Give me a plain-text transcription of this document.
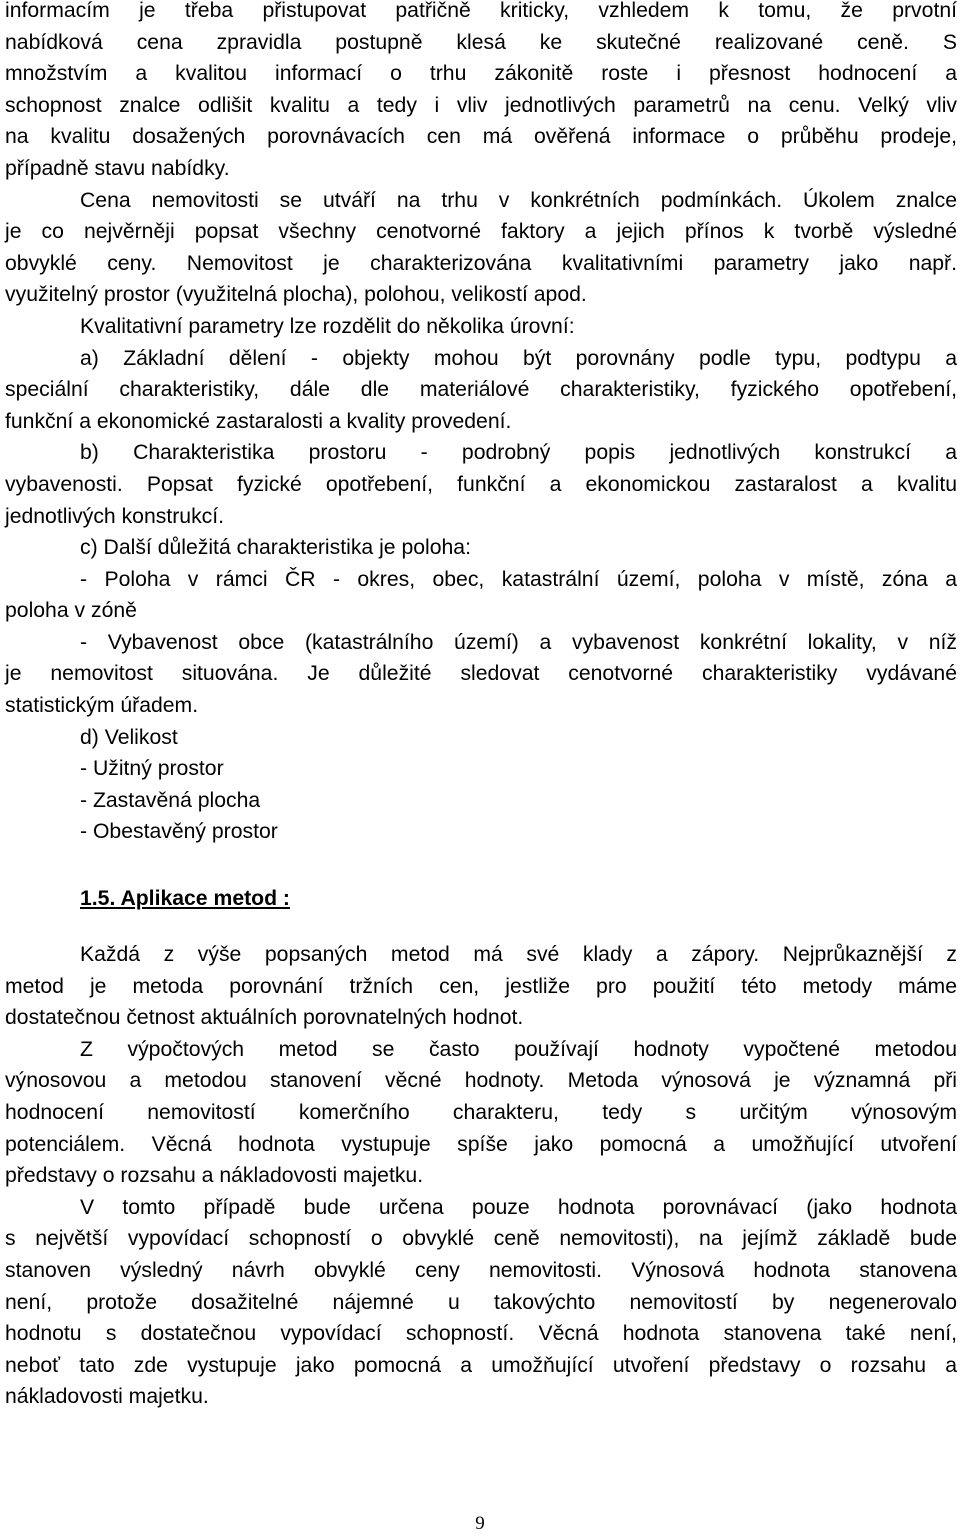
informacím je třeba přistupovat patřičně kriticky, vzhledem k tomu, že prvotní
nabídková cena zpravidla postupně klesá ke skutečné realizované ceně. S
množstvím a kvalitou informací o trhu zákonitě roste i přesnost hodnocení a
schopnost znalce odlišit kvalitu a tedy i vliv jednotlivých parametrů na cenu. Velký vliv
na kvalitu dosažených porovnávacích cen má ověřená informace o průběhu prodeje,
případně stavu nabídky.
Cena nemovitosti se utváří na trhu v konkrétních podmínkách. Úkolem znalce
je co nejvěrněji popsat všechny cenotvorné faktory a jejich přínos k tvorbě výsledné
obvyklé ceny. Nemovitost je charakterizována kvalitativními parametry jako např.
využitelný prostor (využitelná plocha), polohou, velikostí apod.
Kvalitativní parametry lze rozdělit do několika úrovní:
a) Základní dělení - objekty mohou být porovnány podle typu, podtypu a
speciální charakteristiky, dále dle materiálové charakteristiky, fyzického opotřebení,
funkční a ekonomické zastaralosti a kvality provedení.
b) Charakteristika prostoru - podrobný popis jednotlivých konstrukcí a
vybavenosti. Popsat fyzické opotřebení, funkční a ekonomickou zastaralost a kvalitu
jednotlivých konstrukcí.
c) Další důležitá charakteristika je poloha:
- Poloha v rámci ČR - okres, obec, katastrální území, poloha v místě, zóna a
poloha v zóně
- Vybavenost obce (katastrálního území) a vybavenost konkrétní lokality, v níž
je nemovitost situována. Je důležité sledovat cenotvorné charakteristiky vydávané
statistickým úřadem.
d) Velikost
- Užitný prostor
- Zastavěná plocha
- Obestavěný prostor
1.5. Aplikace metod :
Každá z výše popsaných metod má své klady a zápory. Nejprůkaznější z
metod je metoda porovnání tržních cen, jestliže pro použití této metody máme
dostatečnou četnost aktuálních porovnatelných hodnot.
Z výpočtových metod se často používají hodnoty vypočtené metodou
výnosovou a metodou stanovení věcné hodnoty. Metoda výnosová je významná při
hodnocení nemovitostí komerčního charakteru, tedy s určitým výnosovým
potenciálem. Věcná hodnota vystupuje spíše jako pomocná a umožňující utvoření
představy o rozsahu a nákladovosti majetku.
V tomto případě bude určena pouze hodnota porovnávací (jako hodnota
s největší vypovídací schopností o obvyklé ceně nemovitosti), na jejímž základě bude
stanoven výsledný návrh obvyklé ceny nemovitosti. Výnosová hodnota stanovena
není, protože dosažitelné nájemné u takovýchto nemovitostí by negenerovalo
hodnotu s dostatečnou vypovídací schopností. Věcná hodnota stanovena také není,
neboť tato zde vystupuje jako pomocná a umožňující utvoření představy o rozsahu a
nákladovosti majetku.
9
